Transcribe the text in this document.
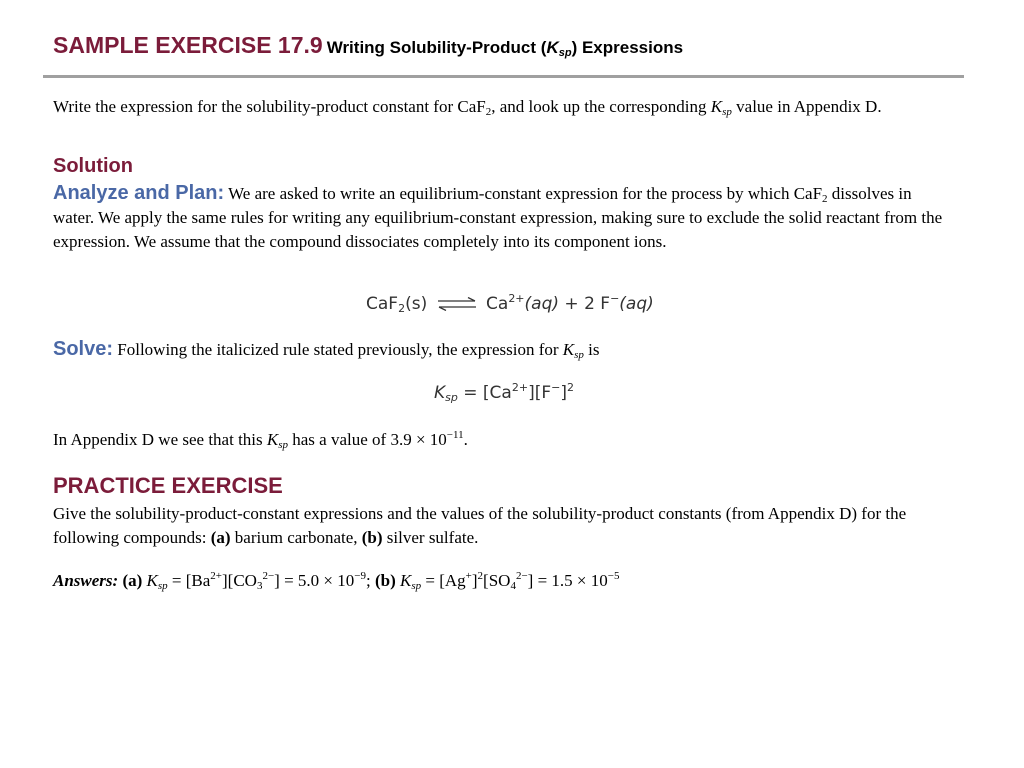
SAMPLE EXERCISE 17.9 Writing Solubility-Product $(K_{sp})$ Expressions
Write the expression for the solubility-product constant for CaF$_2$, and look up the corresponding $K_{sp}$ value in Appendix D.
Solution
Analyze and Plan: We are asked to write an equilibrium-constant expression for the process by which CaF$_2$ dissolves in water. We apply the same rules for writing any equilibrium-constant expression, making sure to exclude the solid reactant from the expression. We assume that the compound dissociates completely into its component ions.
CaF$_2$(s) ⇌ $Ca^{2+}(aq) + 2$ F−(aq)
Solve: Following the italicized rule stated previously, the expression for $K_{sp}$ is
$K_{sp} = [Ca^{2+}][F^-]^2$
In Appendix D we see that this $K_{sp}$ has a value of $3.9 \times 10^{-11}$.
PRACTICE EXERCISE
Give the solubility-product-constant expressions and the values of the solubility-product constants (from Appendix D) for the following compounds: (a) barium carbonate, (b) silver sulfate.
Answers: (a) $K_{sp} = [Ba^{2+}][CO_3^{2-}] = 5.0 \times 10^{-9}$; (b) $K_{sp} = [Ag^+]^2[SO_4^{2-}] = 1.5 \times 10^{-5}$
